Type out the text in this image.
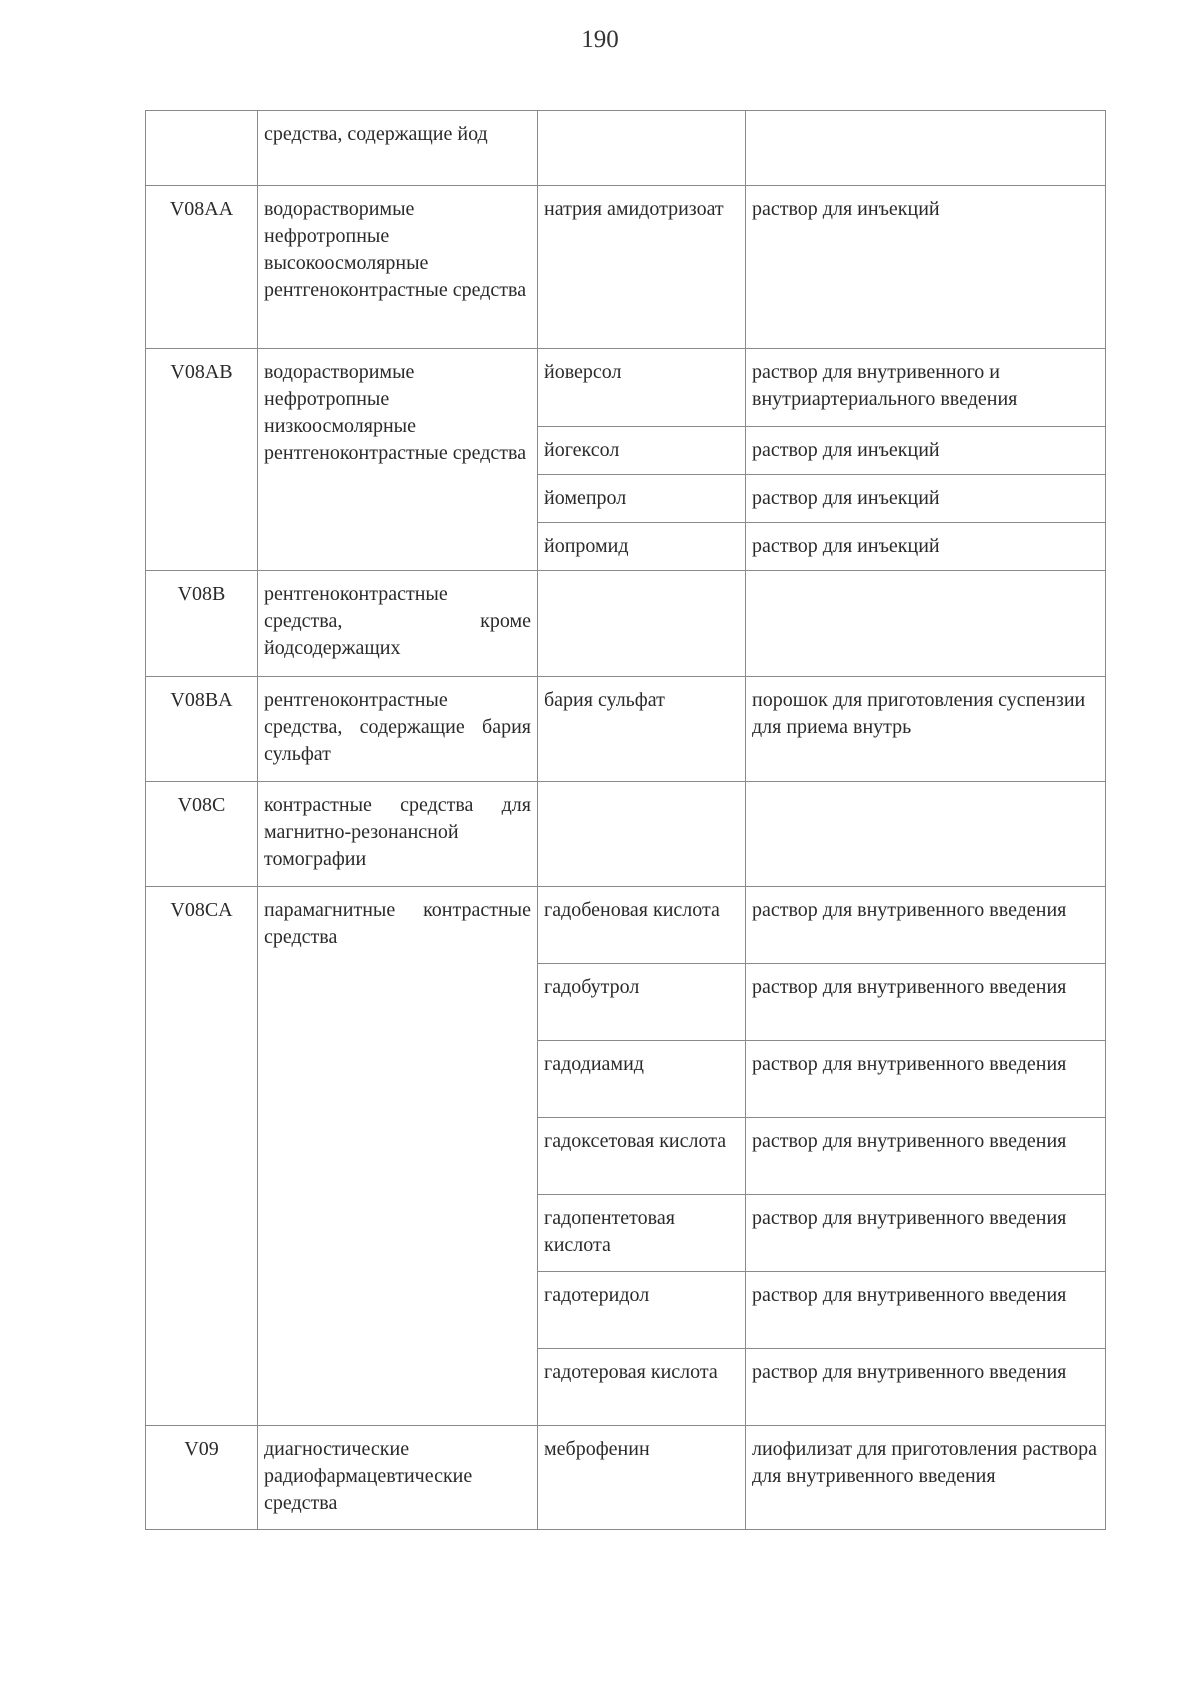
190
	средства, содержащие йод		
V08AA	водорастворимые нефротропные высокоосмолярные рентгеноконтрастные средства	натрия амидотризоат	раствор для инъекций
V08AB	водорастворимые нефротропные низкоосмолярные рентгеноконтрастные средства	йоверсол	раствор для внутривенного и внутриартериального введения
		йогексол	раствор для инъекций
		йомепрол	раствор для инъекций
		йопромид	раствор для инъекций
V08B	рентгеноконтрастные средства, кроме йодсодержащих		
V08BA	рентгеноконтрастные средства, содержащие бария сульфат	бария сульфат	порошок для приготовления суспензии для приема внутрь
V08C	контрастные средства для магнитно-резонансной томографии		
V08CA	парамагнитные контрастные средства	гадобеновая кислота	раствор для внутривенного введения
		гадобутрол	раствор для внутривенного введения
		гадодиамид	раствор для внутривенного введения
		гадоксетовая кислота	раствор для внутривенного введения
		гадопентетовая кислота	раствор для внутривенного введения
		гадотеридол	раствор для внутривенного введения
		гадотеровая кислота	раствор для внутривенного введения
V09	диагностические радиофармацевтические средства	меброфенин	лиофилизат для приготовления раствора для внутривенного введения
